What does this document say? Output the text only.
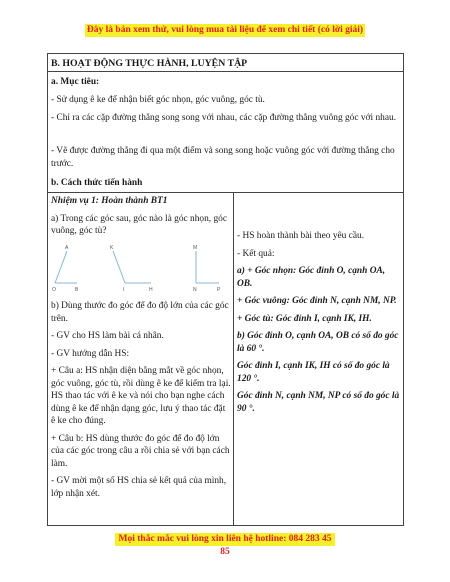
Đây là bản xem thử, vui lòng mua tài liệu để xem chi tiết (có lời giải)
B. HOẠT ĐỘNG THỰC HÀNH, LUYỆN TẬP
a. Mục tiêu:
- Sử dụng ê ke để nhận biết góc nhọn, góc vuông, góc tù.
- Chỉ ra các cặp đường thẳng song song với nhau, các cặp đường thẳng vuông góc với nhau.
- Vẽ được đường thẳng đi qua một điểm và song song hoặc vuông góc với đường thẳng cho trước.
b. Cách thức tiến hành

Nhiệm vụ 1: Hoàn thành BT1

a) Trong các góc sau, góc nào là góc nhọn, góc vuông, góc tù?

A	K	M
O	B	I	H	N	P

b) Dùng thước đo góc để đo độ lớn của các góc trên.

- GV cho HS làm bài cá nhân.

- GV hướng dẫn HS:

+ Câu a: HS nhận diện bằng mắt về góc nhọn, góc vuông, góc tù, rồi dùng ê ke để kiểm tra lại. HS thao tác với ê ke và nói cho bạn nghe cách dùng ê ke để nhận dạng góc, lưu ý thao tác đặt ê ke cho đúng.

+ Câu b: HS dùng thước đo góc để đo độ lớn của các góc trong câu a rồi chia sẻ với bạn cách làm.

- GV mời một số HS chia sẻ kết quả của mình, lớp nhận xét.

- HS hoàn thành bài theo yêu cầu.

- Kết quả:

a) + Góc nhọn: Góc đỉnh O, cạnh OA, OB.

+ Góc vuông: Góc đỉnh N, cạnh NM, NP.

+ Góc tù: Góc đỉnh I, cạnh IK, IH.

b) Góc đỉnh O, cạnh OA, OB có số đo góc là 60 °.

Góc đỉnh I, cạnh IK, IH có số đo góc là 120 °.

Góc đỉnh N, cạnh NM, NP có số đo góc là 90 °.

Mọi thắc mắc vui lòng xin liên hệ hotline: 084 283 45 85
